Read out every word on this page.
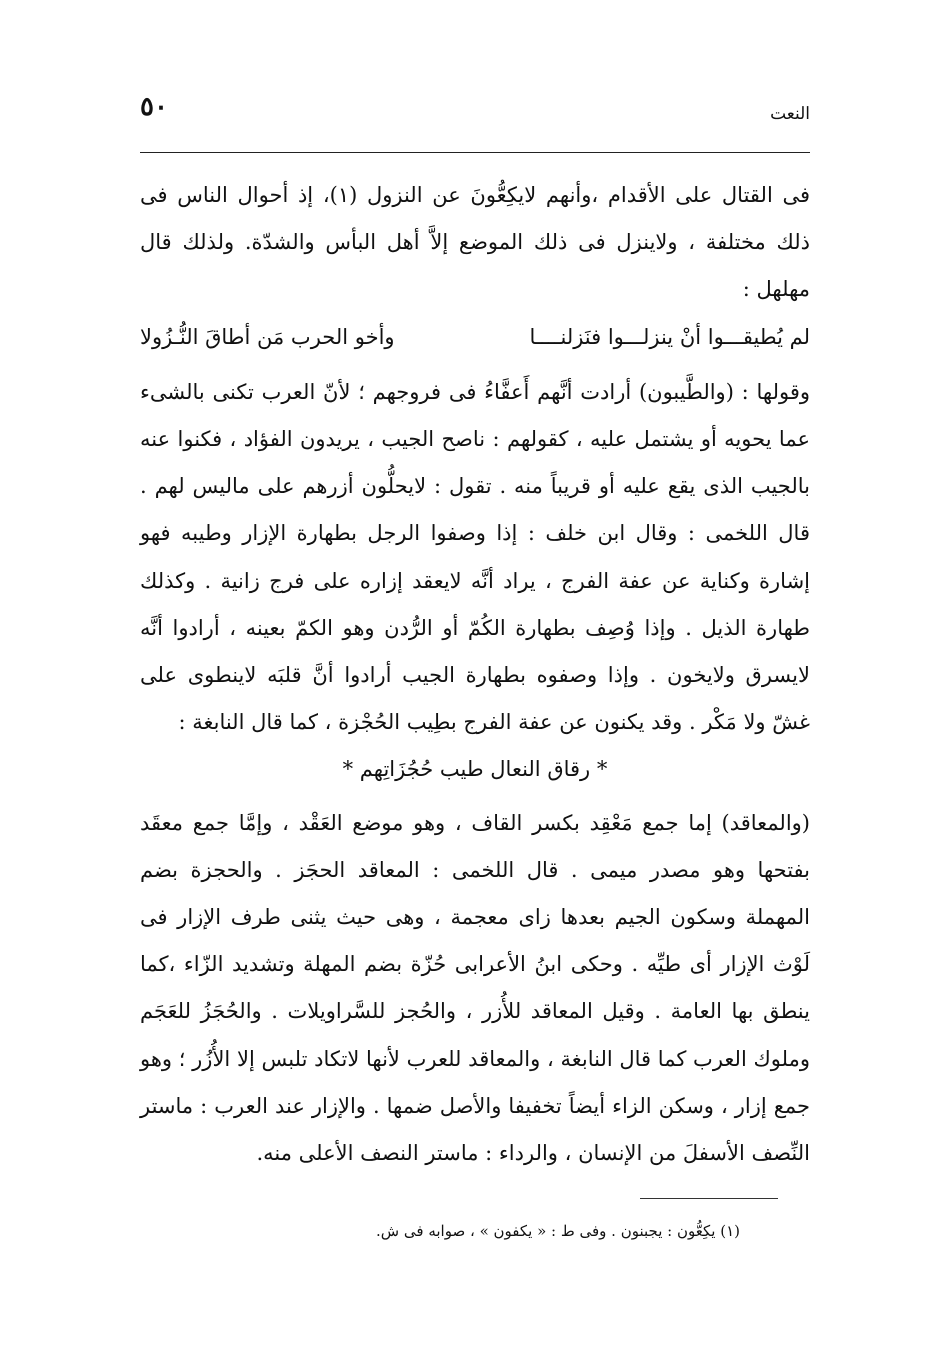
٥٠	النعت

فى القتال على الأقدام ،وأنهم لايكِعُّونَ عن النزول (١)، إذ أحوال الناس فى ذلك مختلفة ، ولاينزل فى ذلك الموضع إلاَّ أهل البأس والشدّة. ولذلك قال مهلهل :

لم يُطيقـــوا أنْ ينزلـــوا فنَزلنــــا
وأخو الحرب مَن أطاقَ النُّـزُولا

وقولها : (والطَّيبون) أرادت أنَّهم أَعفَّاءُ فى فروجهم ؛ لأنّ العرب تكنى بالشىء عما يحويه أو يشتمل عليه ، كقولهم : ناصح الجيب ، يريدون الفؤاد ، فكنوا عنه بالجيب الذى يقع عليه أو قريباً منه . تقول : لايحلُّون أزرهم على ماليس لهم . قال اللخمى : وقال ابن خلف : إذا وصفوا الرجل بطهارة الإزار وطيبه فهو إشارة وكناية عن عفة الفرج ، يراد أنَّه لايعقد إزاره على فرج زانية . وكذلك طهارة الذيل . وإذا وُصِف بطهارة الكُمّ أو الرُّدن وهو الكمّ بعينه ، أرادوا أنَّه لايسرق ولايخون . وإذا وصفوه بطهارة الجيب أرادوا أنَّ قلبَه لاينطوى على غشّ ولا مَكْر . وقد يكنون عن عفة الفرج بطِيب الحُجْزة ، كما قال النابغة :

* رقاق النعال طيب حُجُزَاتِهم *

(والمعاقد) إما جمع مَعْقِد بكسر القاف ، وهو موضع العَقْد ، وإمَّا جمع معقَد بفتحها وهو مصدر ميمى . قال اللخمى : المعاقد الحجَز . والحجزة بضم المهملة وسكون الجيم بعدها زاى معجمة ، وهى حيث يثنى طرف الإزار فى لَوْث الإزار أى طيِّه . وحكى ابنُ الأعرابى حُزّة بضم المهلة وتشديد الزّاء ،كما ينطق بها العامة . وقيل المعاقد للأُزر ، والحُجز للسَّراويلات . والحُجَزُ للعَجَم وملوك العرب كما قال النابغة ، والمعاقد للعرب لأنها لاتكاد تلبس إلا الأُزُر ؛ وهو جمع إزار ، وسكن الزاء أيضاً تخفيفا والأصل ضمها . والإزار عند العرب : ماستر النِّصف الأسفلَ من الإنسان ، والرداء : ماستر النصف الأعلى منه.

(١) يكِعُّون : يجبنون . وفى ط : « يكفون » ، صوابه فى ش.
